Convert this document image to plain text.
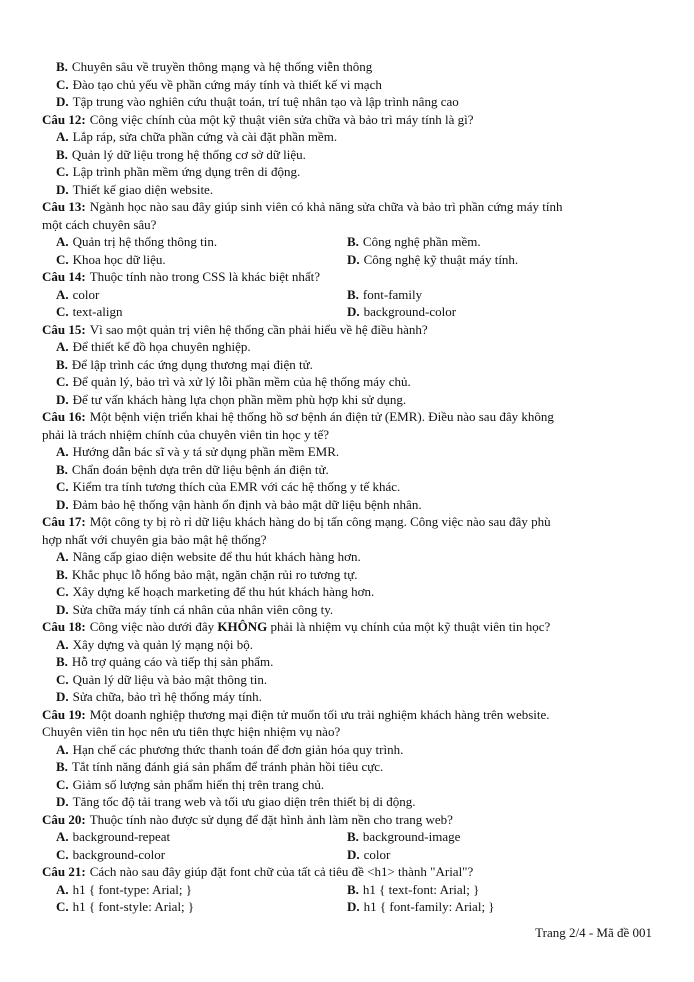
B. Chuyên sâu về truyền thông mạng và hệ thống viễn thông
C. Đào tạo chủ yếu về phần cứng máy tính và thiết kế vi mạch
D. Tập trung vào nghiên cứu thuật toán, trí tuệ nhân tạo và lập trình nâng cao
Câu 12: Công việc chính của một kỹ thuật viên sửa chữa và bảo trì máy tính là gì?
A. Lắp ráp, sửa chữa phần cứng và cài đặt phần mềm.
B. Quản lý dữ liệu trong hệ thống cơ sở dữ liệu.
C. Lập trình phần mềm ứng dụng trên di động.
D. Thiết kế giao diện website.
Câu 13: Ngành học nào sau đây giúp sinh viên có khả năng sửa chữa và bảo trì phần cứng máy tính
một cách chuyên sâu?
A. Quản trị hệ thống thông tin.	B. Công nghệ phần mềm.
C. Khoa học dữ liệu.	D. Công nghệ kỹ thuật máy tính.
Câu 14: Thuộc tính nào trong CSS là khác biệt nhất?
A. color	B. font-family
C. text-align	D. background-color
Câu 15: Vì sao một quản trị viên hệ thống cần phải hiểu về hệ điều hành?
A. Để thiết kế đồ họa chuyên nghiệp.
B. Để lập trình các ứng dụng thương mại điện tử.
C. Để quản lý, bảo trì và xử lý lỗi phần mềm của hệ thống máy chủ.
D. Để tư vấn khách hàng lựa chọn phần mềm phù hợp khi sử dụng.
Câu 16: Một bệnh viện triển khai hệ thống hồ sơ bệnh án điện tử (EMR). Điều nào sau đây không
phải là trách nhiệm chính của chuyên viên tin học y tế?
A. Hướng dẫn bác sĩ và y tá sử dụng phần mềm EMR.
B. Chẩn đoán bệnh dựa trên dữ liệu bệnh án điện tử.
C. Kiểm tra tính tương thích của EMR với các hệ thống y tế khác.
D. Đảm bảo hệ thống vận hành ổn định và bảo mật dữ liệu bệnh nhân.
Câu 17: Một công ty bị rò rỉ dữ liệu khách hàng do bị tấn công mạng. Công việc nào sau đây phù
hợp nhất với chuyên gia bảo mật hệ thống?
A. Nâng cấp giao diện website để thu hút khách hàng hơn.
B. Khắc phục lỗ hổng bảo mật, ngăn chặn rủi ro tương tự.
C. Xây dựng kế hoạch marketing để thu hút khách hàng hơn.
D. Sửa chữa máy tính cá nhân của nhân viên công ty.
Câu 18: Công việc nào dưới đây KHÔNG phải là nhiệm vụ chính của một kỹ thuật viên tin học?
A. Xây dựng và quản lý mạng nội bộ.
B. Hỗ trợ quảng cáo và tiếp thị sản phẩm.
C. Quản lý dữ liệu và bảo mật thông tin.
D. Sửa chữa, bảo trì hệ thống máy tính.
Câu 19: Một doanh nghiệp thương mại điện tử muốn tối ưu trải nghiệm khách hàng trên website.
Chuyên viên tin học nên ưu tiên thực hiện nhiệm vụ nào?
A. Hạn chế các phương thức thanh toán để đơn giản hóa quy trình.
B. Tắt tính năng đánh giá sản phẩm để tránh phản hồi tiêu cực.
C. Giảm số lượng sản phẩm hiển thị trên trang chủ.
D. Tăng tốc độ tải trang web và tối ưu giao diện trên thiết bị di động.
Câu 20: Thuộc tính nào được sử dụng để đặt hình ảnh làm nền cho trang web?
A. background-repeat	B. background-image
C. background-color	D. color
Câu 21: Cách nào sau đây giúp đặt font chữ của tất cả tiêu đề <h1> thành "Arial"?
A. h1 { font-type: Arial; }	B. h1 { text-font: Arial; }
C. h1 { font-style: Arial; }	D. h1 { font-family: Arial; }
Trang 2/4 - Mã đề 001
